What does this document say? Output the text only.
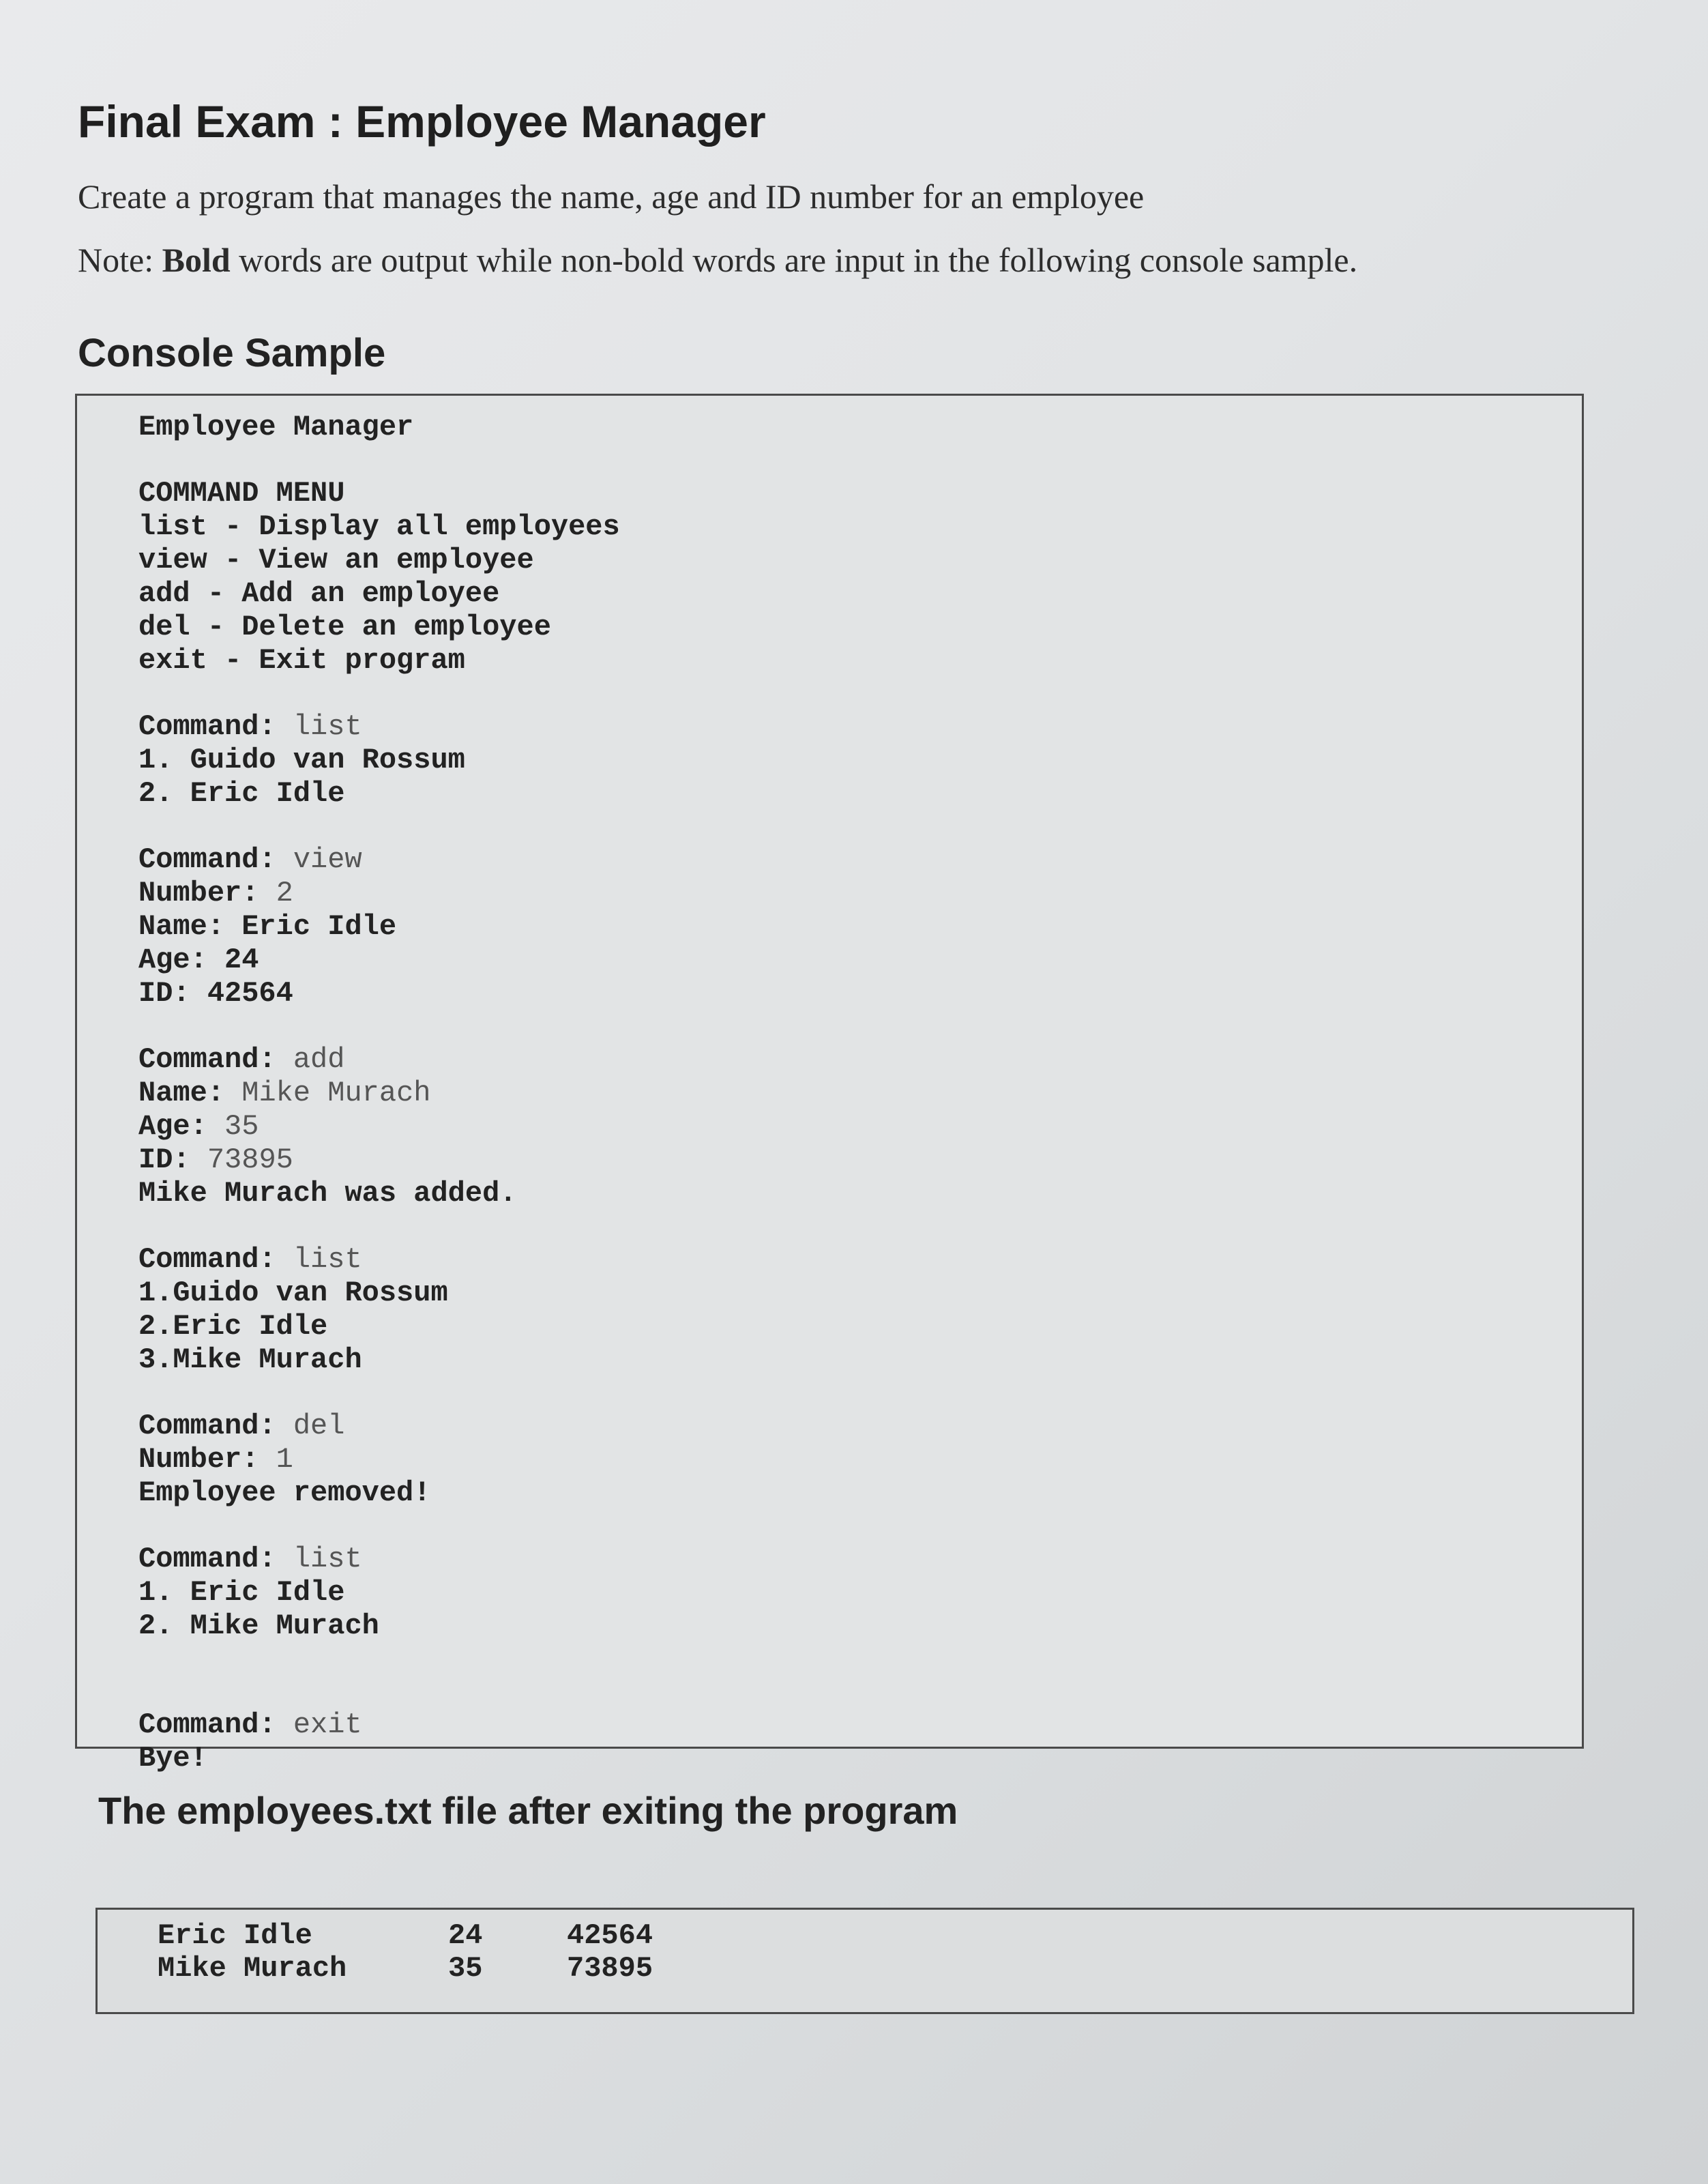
Final Exam : Employee Manager
Create a program that manages the name, age and ID number for an employee
Note: Bold words are output while non-bold words are input in the following console sample.
Console Sample
Employee Manager
COMMAND MENU
list - Display all employees
view - View an employee
add - Add an employee
del - Delete an employee
exit - Exit program
Command: list
1. Guido van Rossum
2. Eric Idle
Command: view
Number: 2
Name: Eric Idle
Age: 24
ID: 42564
Command: add
Name: Mike Murach
Age: 35
ID: 73895
Mike Murach was added.
Command: list
1.Guido van Rossum
2.Eric Idle
3.Mike Murach
Command: del
Number: 1
Employee removed!
Command: list
1. Eric Idle
2. Mike Murach
Command: exit
Bye!
The employees.txt file after exiting the program
Eric Idle	24	42564
Mike Murach	35	73895
